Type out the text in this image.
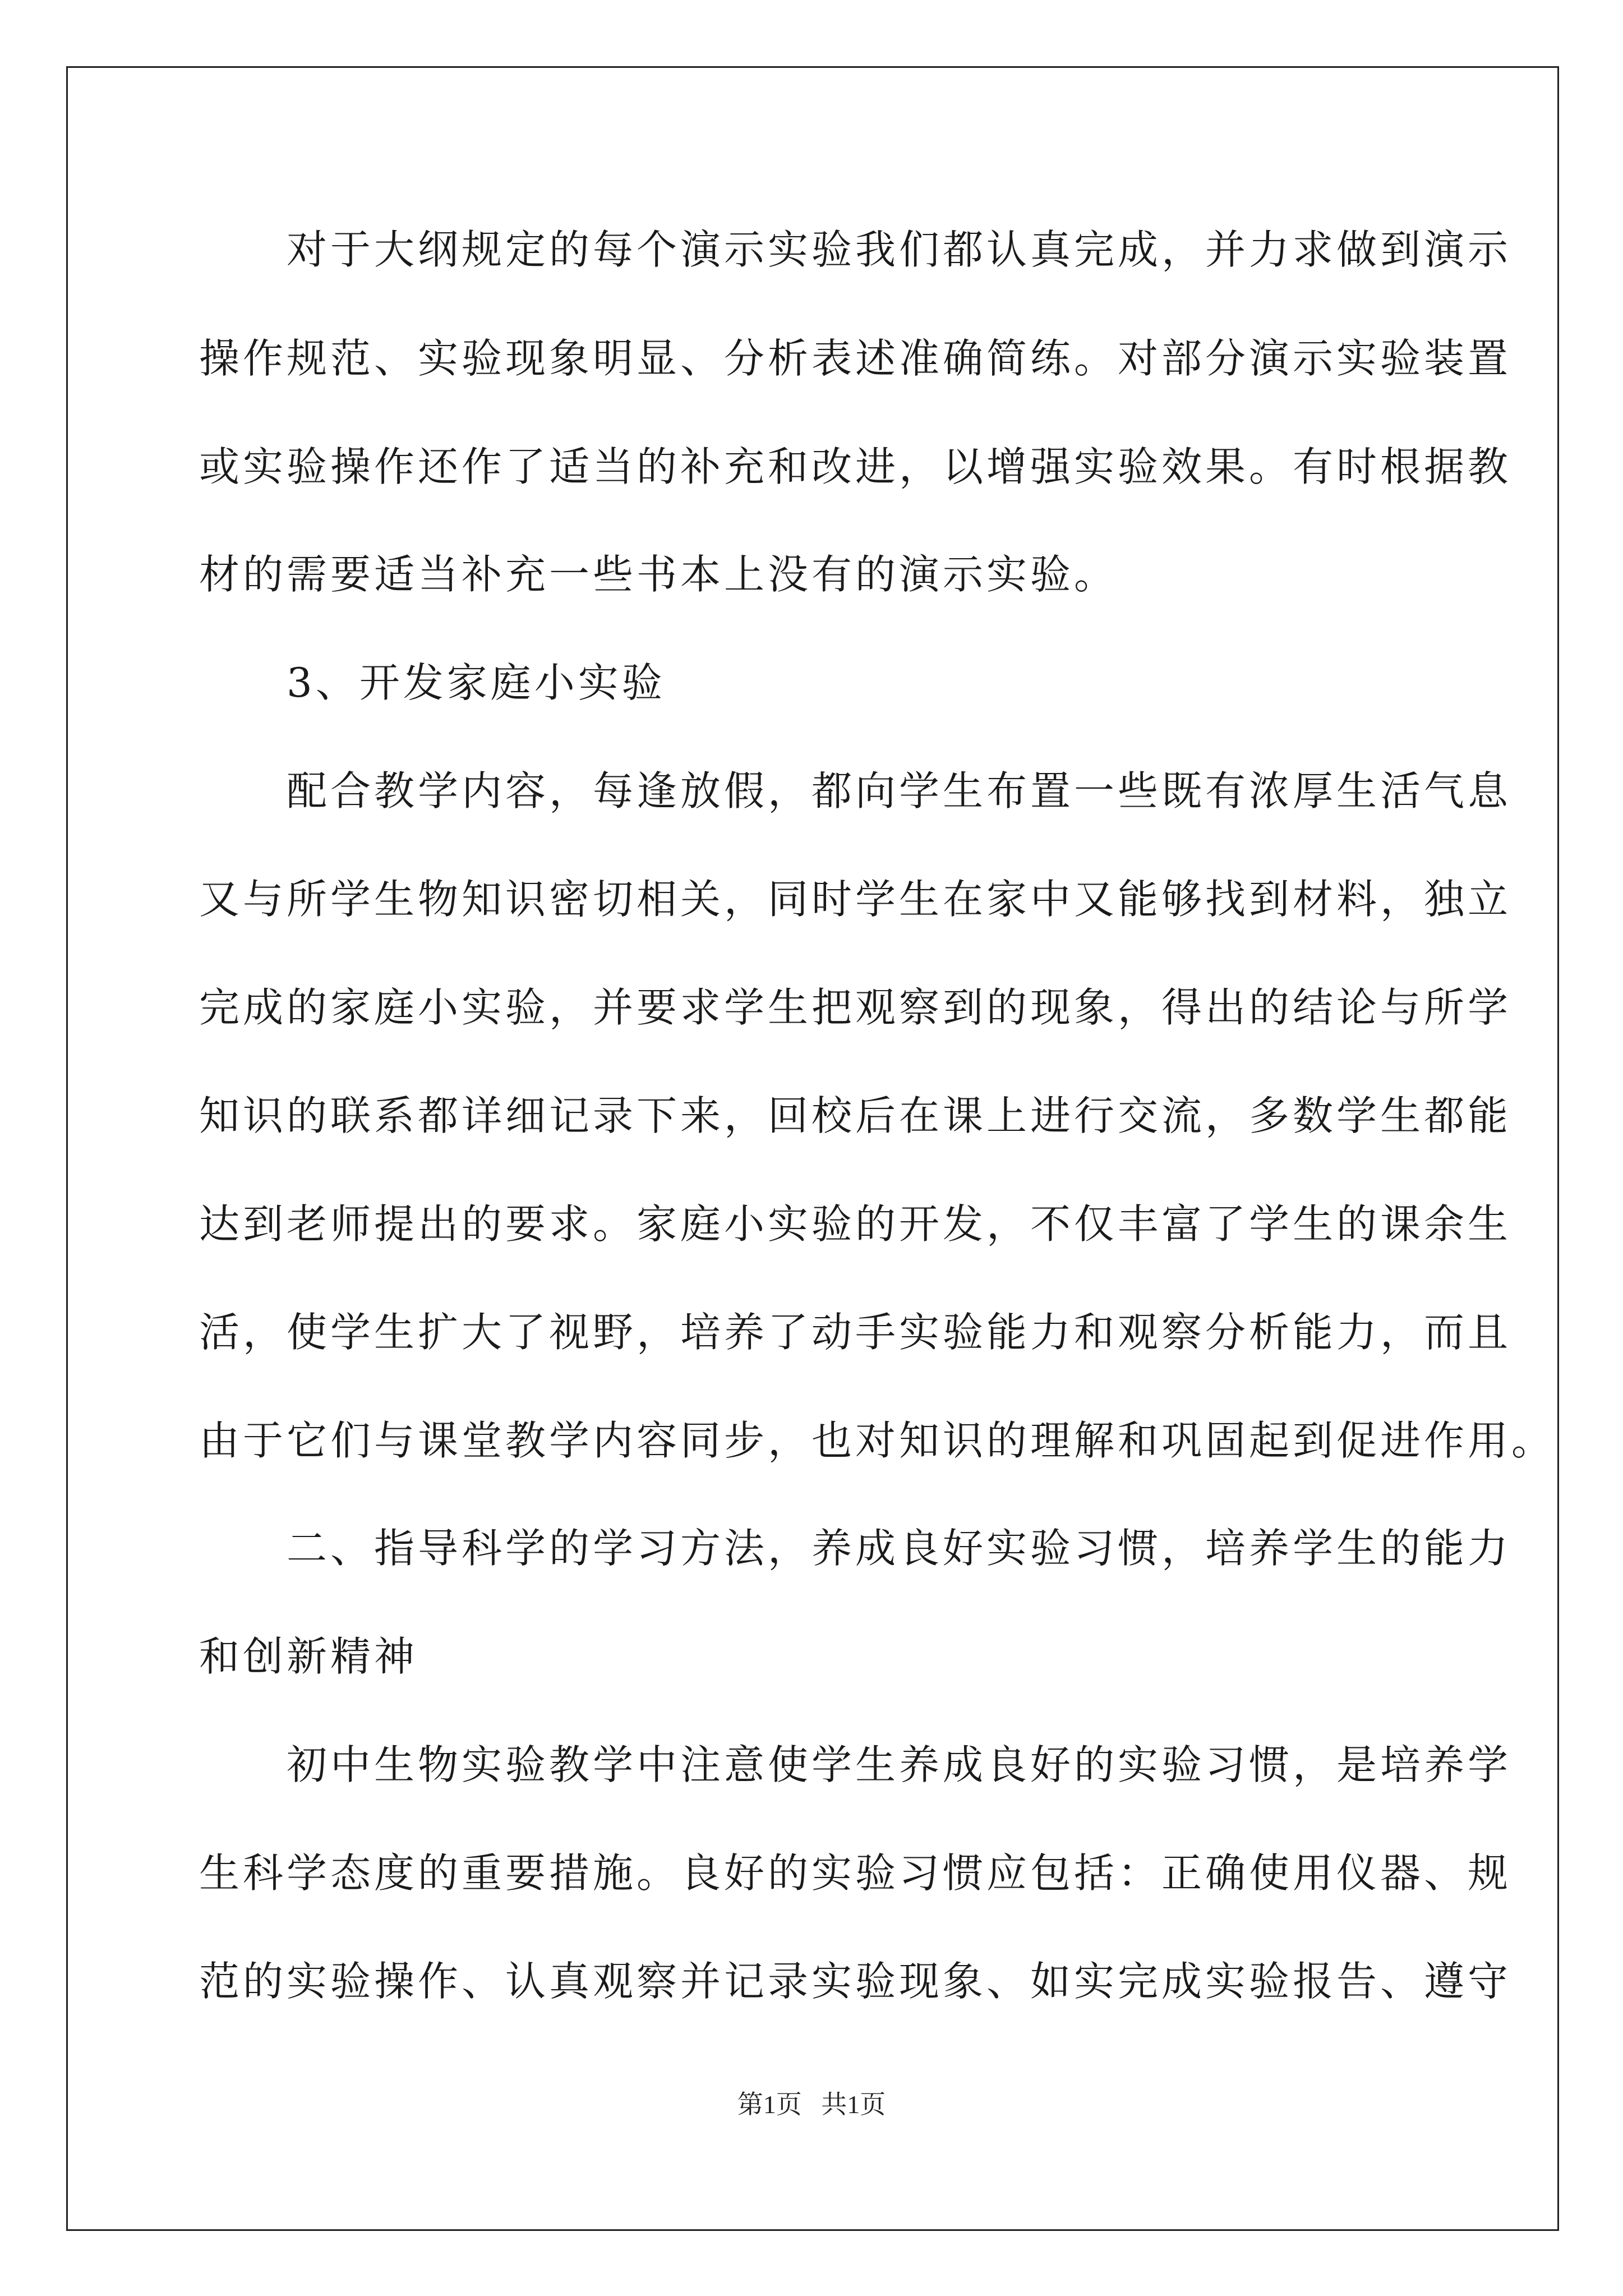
　　对于大纲规定的每个演示实验我们都认真完成，并力求做到演示
操作规范、实验现象明显、分析表述准确简练。对部分演示实验装置
或实验操作还作了适当的补充和改进，以增强实验效果。有时根据教
材的需要适当补充一些书本上没有的演示实验。
　　3、开发家庭小实验
　　配合教学内容，每逢放假，都向学生布置一些既有浓厚生活气息
又与所学生物知识密切相关，同时学生在家中又能够找到材料，独立
完成的家庭小实验，并要求学生把观察到的现象，得出的结论与所学
知识的联系都详细记录下来，回校后在课上进行交流，多数学生都能
达到老师提出的要求。家庭小实验的开发，不仅丰富了学生的课余生
活，使学生扩大了视野，培养了动手实验能力和观察分析能力，而且
由于它们与课堂教学内容同步，也对知识的理解和巩固起到促进作用。
　　二、指导科学的学习方法，养成良好实验习惯，培养学生的能力
和创新精神
　　初中生物实验教学中注意使学生养成良好的实验习惯，是培养学
生科学态度的重要措施。良好的实验习惯应包括：正确使用仪器、规
范的实验操作、认真观察并记录实验现象、如实完成实验报告、遵守
第1页   共1页
